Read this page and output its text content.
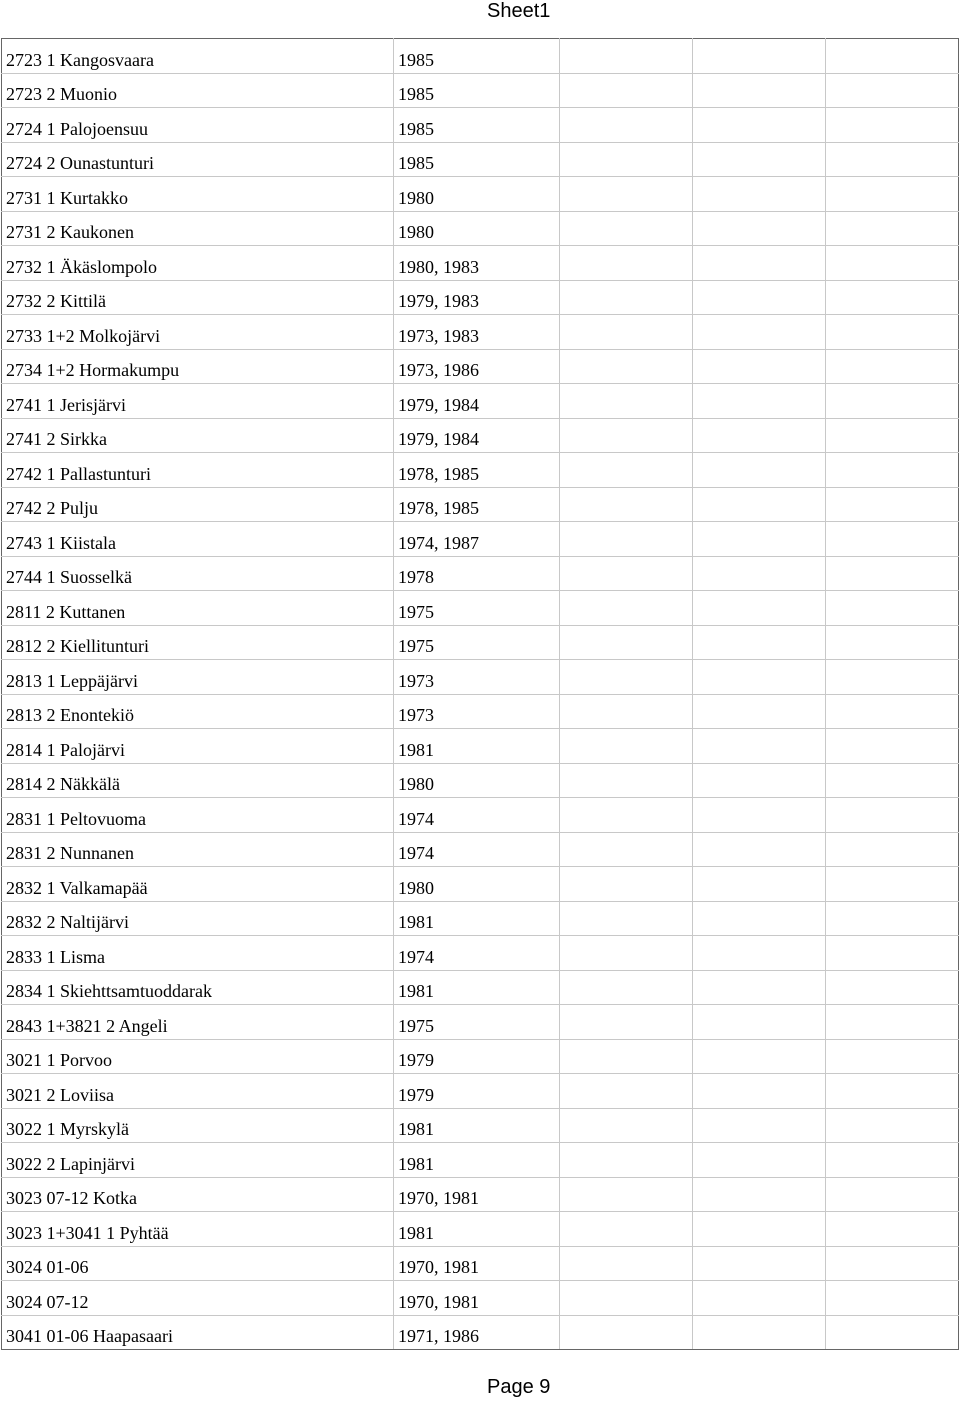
Sheet1
2723 1 Kangosvaara	1985			
2723 2 Muonio	1985			
2724 1 Palojoensuu	1985			
2724 2 Ounastunturi	1985			
2731 1 Kurtakko	1980			
2731 2 Kaukonen	1980			
2732 1 Äkäslompolo	1980, 1983			
2732 2 Kittilä	1979, 1983			
2733 1+2 Molkojärvi	1973, 1983			
2734 1+2 Hormakumpu	1973, 1986			
2741 1 Jerisjärvi	1979, 1984			
2741 2 Sirkka	1979, 1984			
2742 1 Pallastunturi	1978, 1985			
2742 2 Pulju	1978, 1985			
2743 1 Kiistala	1974, 1987			
2744 1 Suosselkä	1978			
2811 2 Kuttanen	1975			
2812 2 Kiellitunturi	1975			
2813 1 Leppäjärvi	1973			
2813 2 Enontekiö	1973			
2814 1 Palojärvi	1981			
2814 2 Näkkälä	1980			
2831 1 Peltovuoma	1974			
2831 2 Nunnanen	1974			
2832 1 Valkamapää	1980			
2832 2 Naltijärvi	1981			
2833 1 Lisma	1974			
2834 1 Skiehttsamtuoddarak	1981			
2843 1+3821 2 Angeli	1975			
3021 1 Porvoo	1979			
3021 2 Loviisa	1979			
3022 1 Myrskylä	1981			
3022 2 Lapinjärvi	1981			
3023 07-12 Kotka	1970, 1981			
3023 1+3041 1 Pyhtää	1981			
3024 01-06	1970, 1981			
3024 07-12	1970, 1981			
3041 01-06 Haapasaari	1971, 1986			
Page 9
